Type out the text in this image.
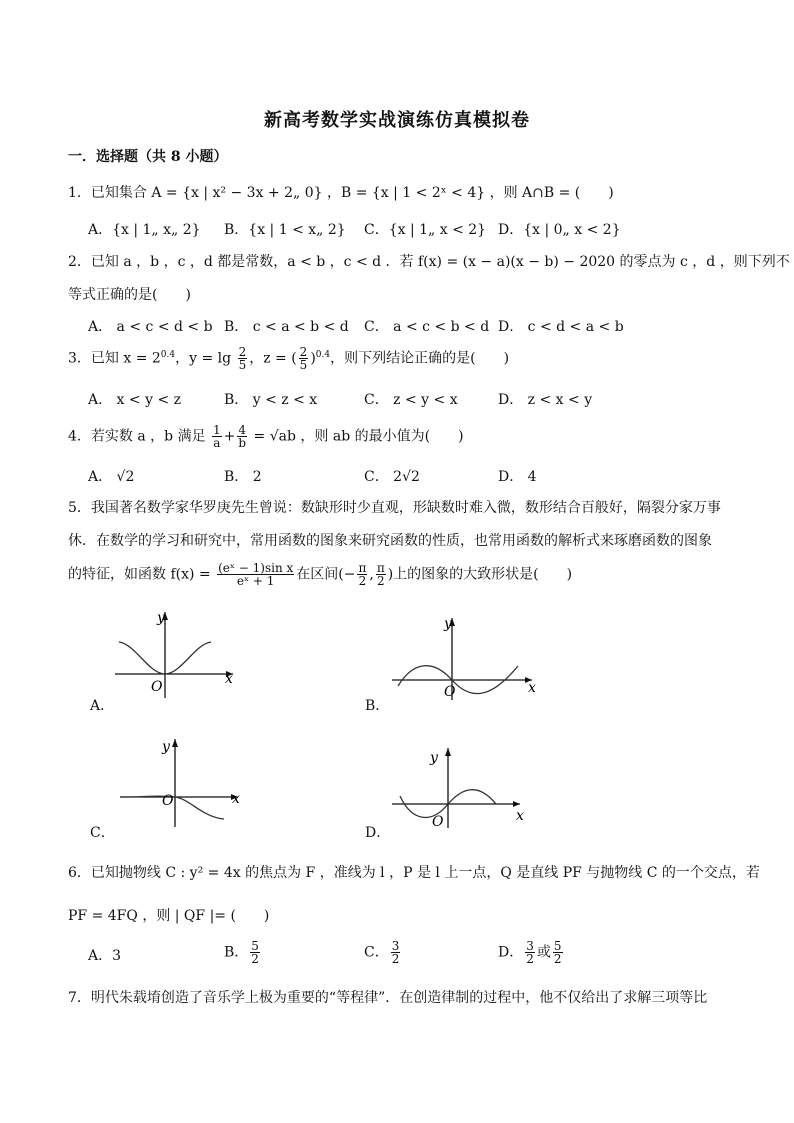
新高考数学实战演练仿真模拟卷
一．选择题（共 8 小题）
1．已知集合 A = {x | x² − 3x + 2„ 0} ，B = {x | 1 < 2ˣ < 4} ，则 A∩B = (　　)
A．{x | 1„ x„ 2} B．{x | 1 < x„ 2} C．{x | 1„ x < 2} D．{x | 0„ x < 2}
2．已知 a ，b ，c ，d 都是常数，a < b ，c < d ．若 f(x) = (x − a)(x − b) − 2020 的零点为 c ，d ，则下列不
等式正确的是(　　)
A． a < c < d < b B． c < a < b < d C． a < c < b < d D． c < d < a < b
3．已知 $x = 2^{0.4}$，$y = \lg \frac{2}{5}$ ，z = ( $\frac{2}{5} )^{0.4}$，则下列结论正确的是(　　)
A． x < y < z	B． y < z < x	C． z < y < x	D． z < x < y
4．若实数 a ，b 满足 $\frac{1}{a} + \frac{4}{b} = √ab$ ，则 ab 的最小值为(　　)
A． √2	B． 2	C． 2√2	D． 4
5．我国著名数学家华罗庚先生曾说：数缺形时少直观，形缺数时难入微，数形结合百般好，隔裂分家万事
休．在数学的学习和研究中，常用函数的图象来研究函数的性质，也常用函数的解析式来琢磨函数的图象
的特征，如函数 $f(x) = \frac{\text{(eˣ − 1)sin x}}{\text{eˣ + 1}}$ 在区间(− $\frac{\pi}{2}$ , $\frac{\pi}{2}$ )上的图象的大致形状是(　　)
A．
y
x
O
B．
y
x
O
C．
y
x
O
D．
y
x
O
6．已知抛物线 C : y² = 4x 的焦点为 F ，准线为 l ，P 是 l 上一点，Q 是直线 PF 与抛物线 C 的一个交点，若
PF = 4FQ ，则 | QF |= (　　)
A．3	B． $\frac{5}{2}$	C． $\frac{3}{2}$	D． $\frac{3}{2}$ 或 $\frac{5}{2}$
7．明代朱载堉创造了音乐学上极为重要的“等程律”．在创造律制的过程中，他不仅给出了求解三项等比
